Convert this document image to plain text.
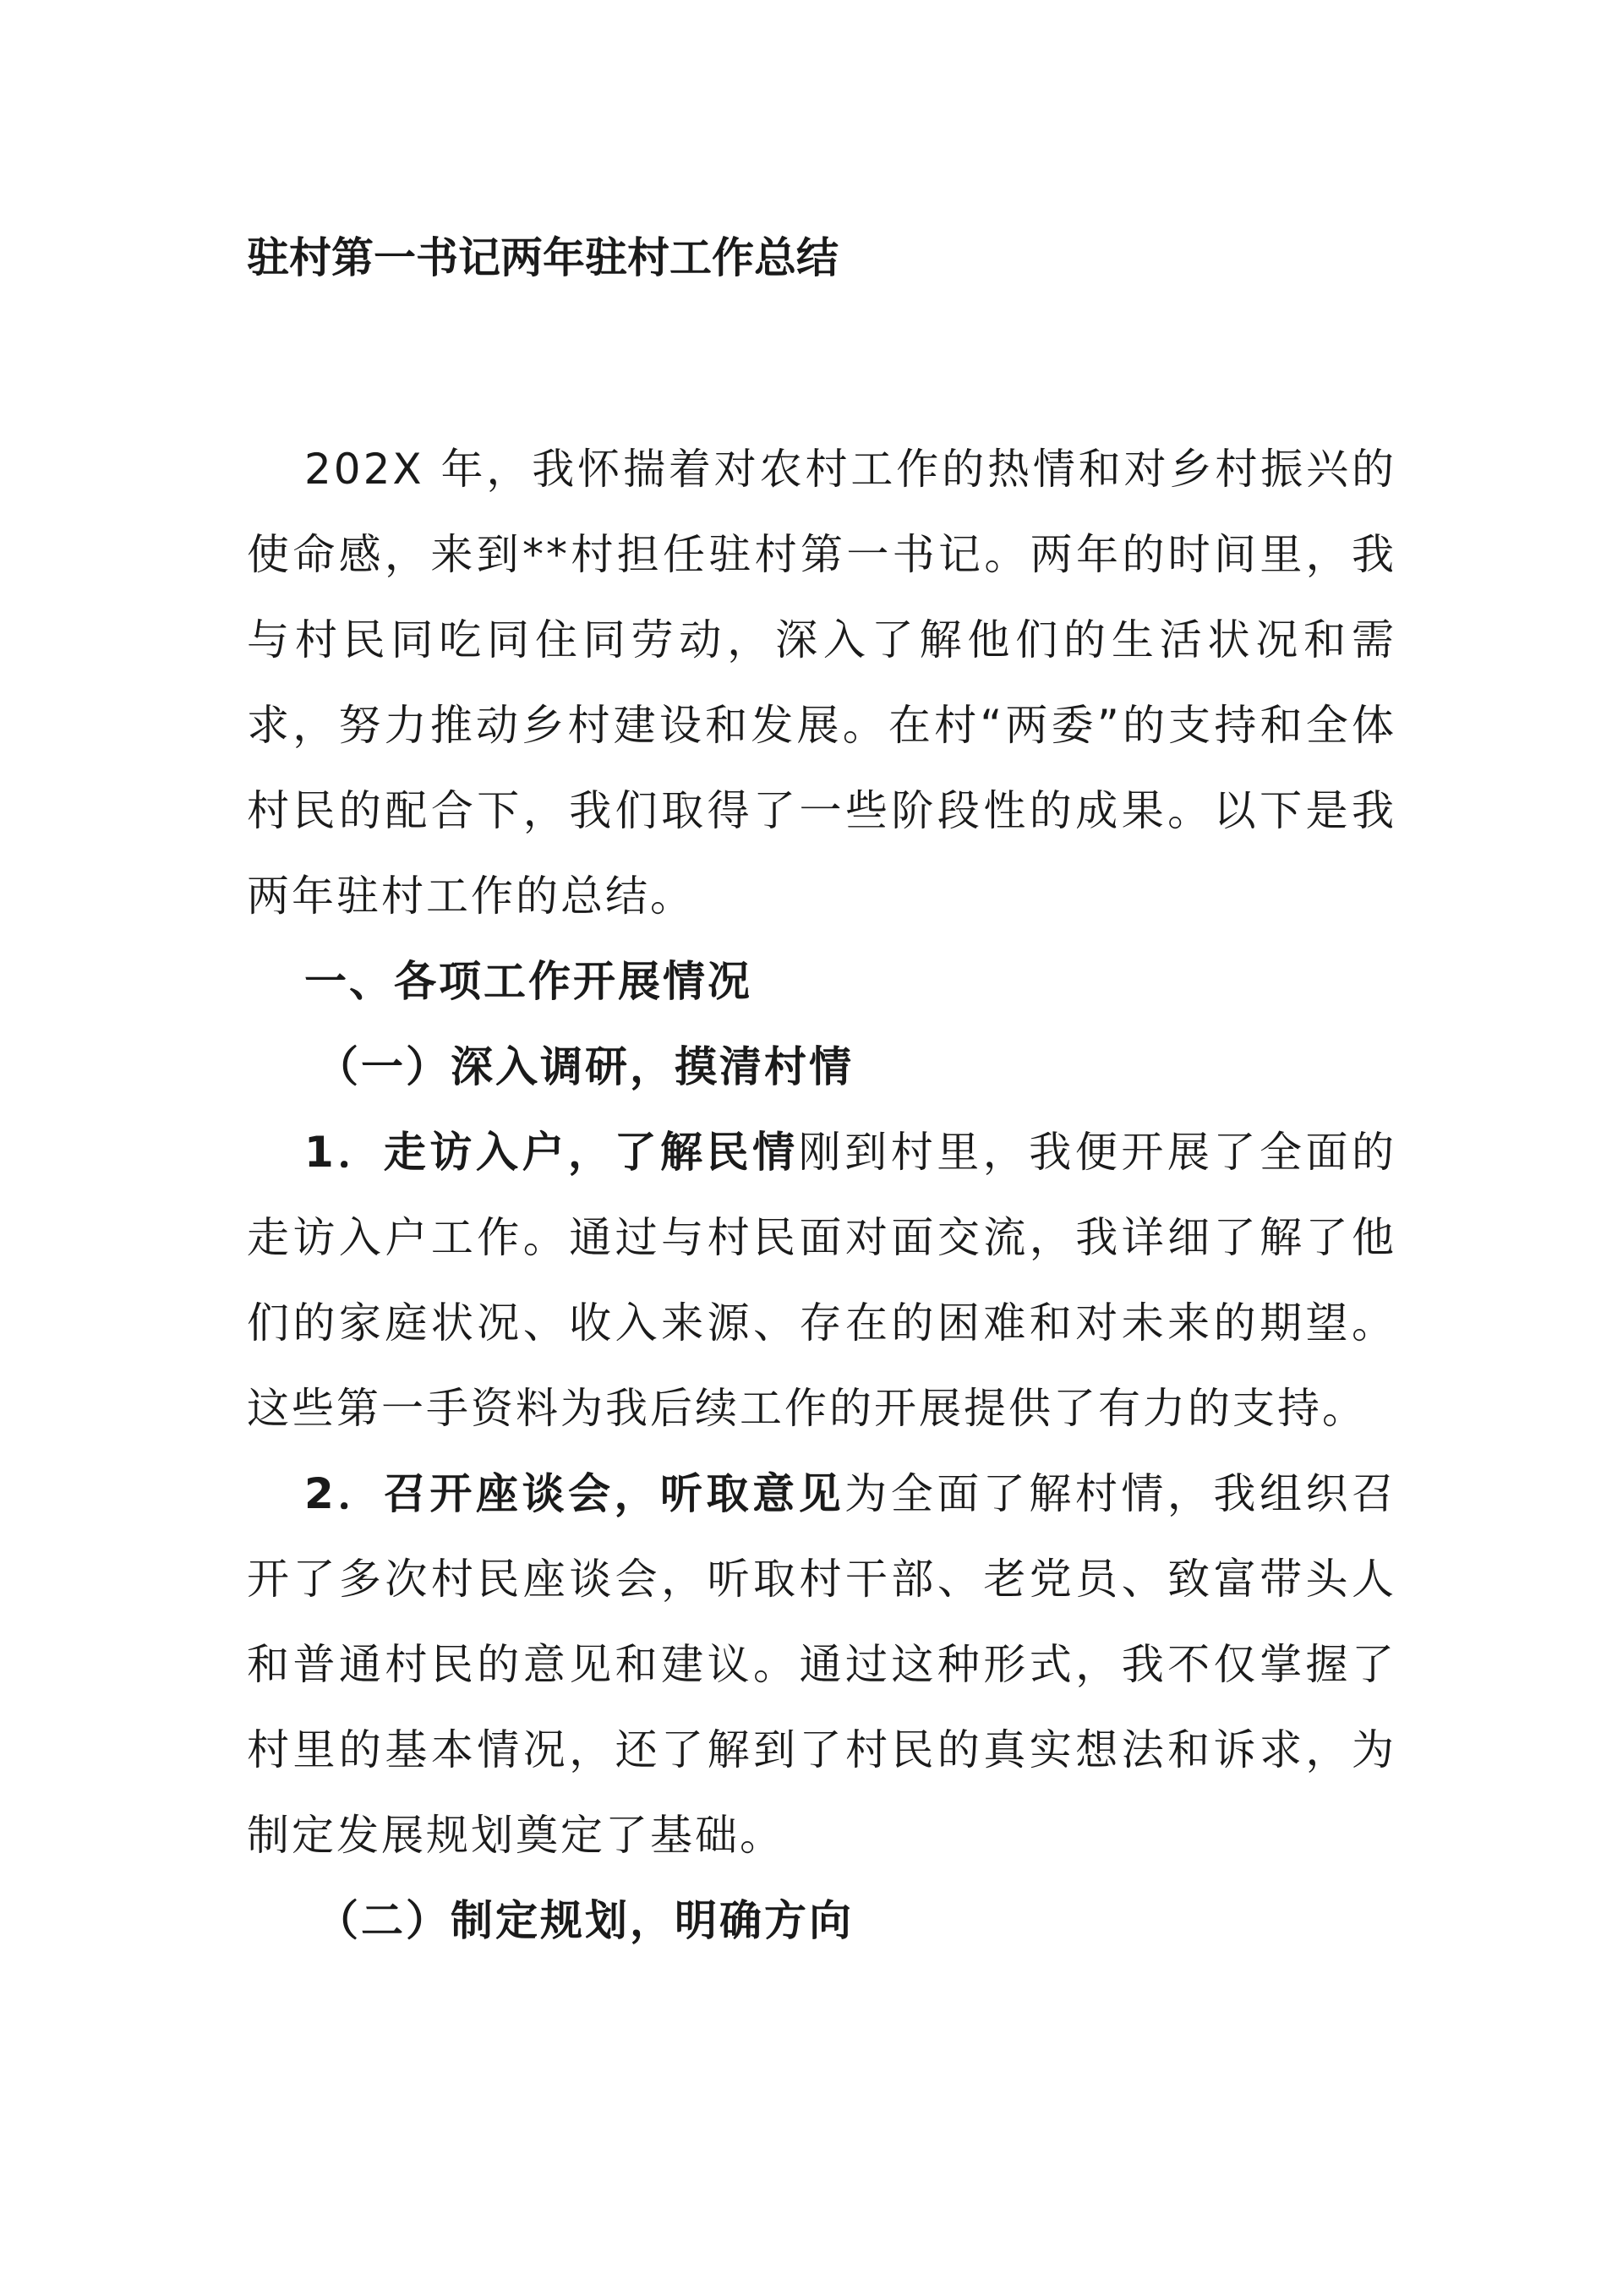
驻村第一书记两年驻村工作总结

202X 年，我怀揣着对农村工作的热情和对乡村振兴的使命感，来到**村担任驻村第一书记。两年的时间里，我与村民同吃同住同劳动，深入了解他们的生活状况和需求，努力推动乡村建设和发展。在村“两委”的支持和全体村民的配合下，我们取得了一些阶段性的成果。以下是我两年驻村工作的总结。

一、各项工作开展情况

（一）深入调研，摸清村情

1．走访入户，了解民情刚到村里，我便开展了全面的走访入户工作。通过与村民面对面交流，我详细了解了他们的家庭状况、收入来源、存在的困难和对未来的期望。这些第一手资料为我后续工作的开展提供了有力的支持。

2．召开座谈会，听取意见为全面了解村情，我组织召开了多次村民座谈会，听取村干部、老党员、致富带头人和普通村民的意见和建议。通过这种形式，我不仅掌握了村里的基本情况，还了解到了村民的真实想法和诉求，为制定发展规划奠定了基础。

（二）制定规划，明确方向
